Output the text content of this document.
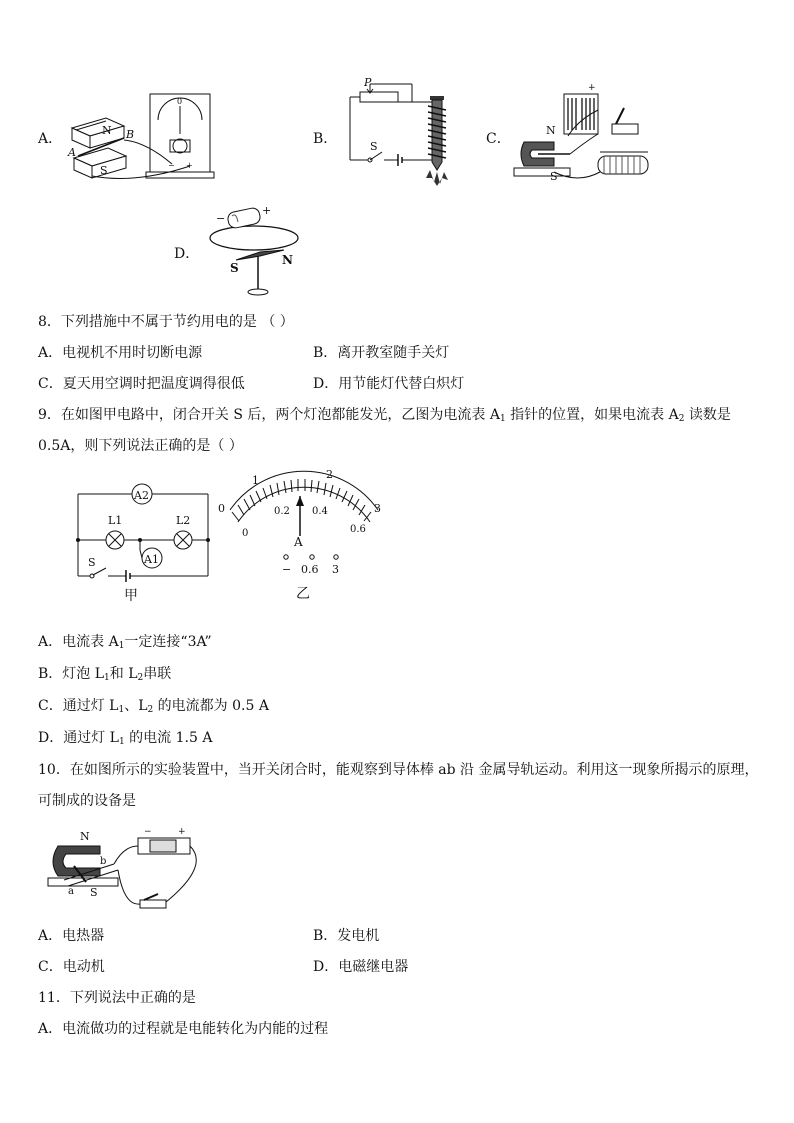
A．
N B
A
S
0
− +
B．
P
S	C．
+
N
S
D．
−
+
S
N
8．下列措施中不属于节约用电的是 （ ）
A．电视机不用时切断电源	B．离开教室随手关灯
C．夏天用空调时把温度调得很低	D．用节能灯代替白炽灯
9．在如图甲电路中，闭合开关 S 后，两个灯泡都能发光，乙图为电流表 $A_1$ 指针的位置，如果电流表 $A_2$ 读数是
0.5A，则下列说法正确的是（ ）
A2
L1	L2
A1
S
甲
0
1	2
3
0
0.2 0.4
0.6
A
− 0.6 3
乙
A．电流表 $A_1$一定连接“3A”
B．灯泡 $L_1$和 $L_2$串联
C．通过灯 $L_1$、$L_2$ 的电流都为 0.5 A
D．通过灯 $L_1$ 的电流 1.5 A
10．在如图所示的实验装置中，当开关闭合时，能观察到导体棒 ab 沿 金属导轨运动。利用这一现象所揭示的原理，
可制成的设备是
N
b
a S
−	+
A．电热器	B．发电机
C．电动机	D．电磁继电器
11．下列说法中正确的是
A．电流做功的过程就是电能转化为内能的过程
